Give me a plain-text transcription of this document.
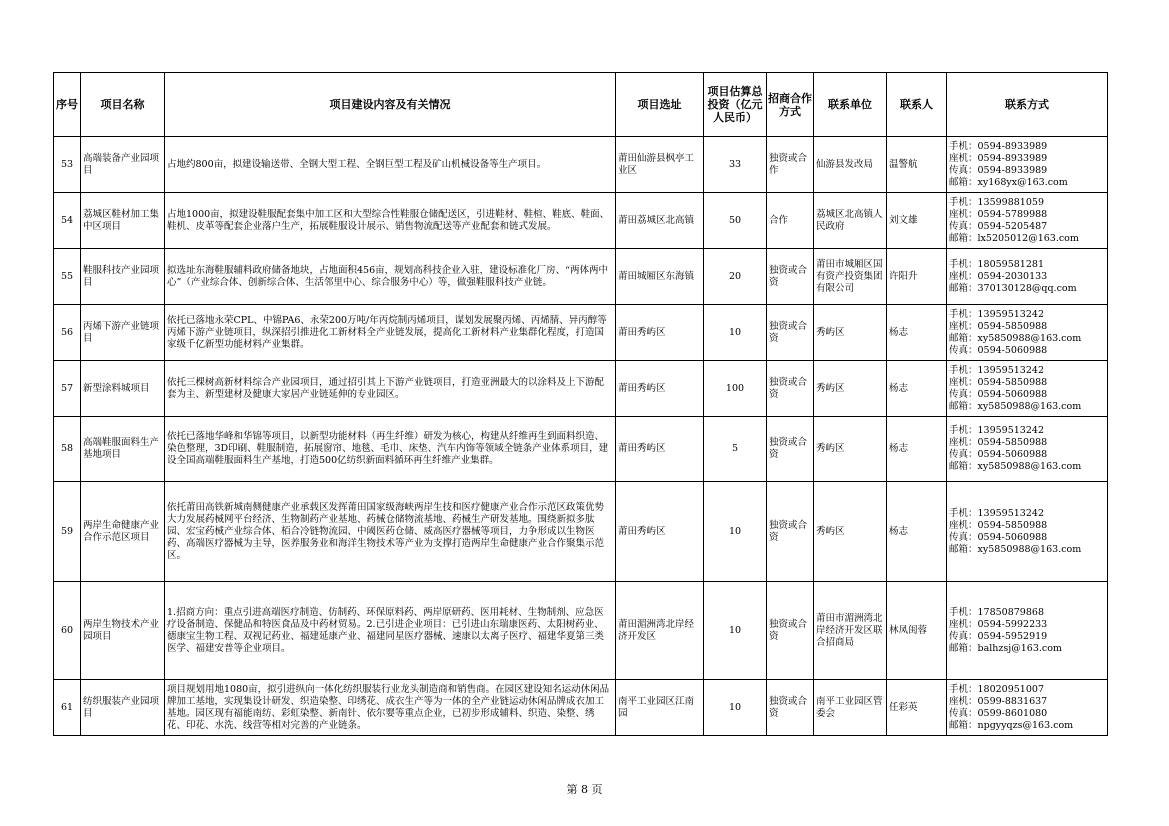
序号	项目名称	项目建设内容及有关情况	项目选址	项目估算总投资（亿元人民币）	招商合作方式	联系单位	联系人	联系方式
53	高端装备产业园项目	占地约800亩，拟建设输送带、全钢大型工程、全钢巨型工程及矿山机械设备等生产项目。	莆田仙游县枫亭工业区	33	独资或合作	仙游县发改局	温警航	手机：0594-8933989
座机：0594-8933989
传真：0594-8933989
邮箱：xy168yx@163.com

54	荔城区鞋材加工集中区项目	占地1000亩，拟建设鞋服配套集中加工区和大型综合性鞋服仓储配送区，引进鞋材、鞋楦、鞋底、鞋面、鞋机、皮革等配套企业落户生产，拓展鞋服设计展示、销售物流配送等产业配套和链式发展。	莆田荔城区北高镇	50	合作	荔城区北高镇人民政府	刘文雄	手机：13599881059
座机：0594-5789988
传真：0594-5205487
邮箱：lx5205012@163.com

55	鞋服科技产业园项目	拟选址东海鞋服辅料政府储备地块，占地面积456亩，规划高科技企业入驻，建设标准化厂房、“两体两中心”（产业综合体、创新综合体、生活邻里中心、综合服务中心）等，做强鞋服科技产业链。	莆田城厢区东海镇	20	独资或合资	莆田市城厢区国有资产投资集团有限公司	许阳升	手机：18059581281
座机：0594-2030133
邮箱：370130128@qq.com

56	丙烯下游产业链项目	依托已落地永荣CPL、中锦PA6、永荣200万吨/年丙烷制丙烯项目，谋划发展聚丙烯、丙烯腈、异丙醇等丙烯下游产业链项目，纵深招引推进化工新材料全产业链发展，提高化工新材料产业集群化程度，打造国家级千亿新型功能材料产业集群。	莆田秀屿区	10	独资或合资	秀屿区	杨志	手机：13959513242
座机：0594-5850988
邮箱：xy5850988@163.com
传真：0594-5060988

57	新型涂料城项目	依托三棵树高新材料综合产业园项目，通过招引其上下游产业链项目，打造亚洲最大的以涂料及上下游配套为主、新型建材及健康大家居产业链延伸的专业园区。	莆田秀屿区	100	独资或合资	秀屿区	杨志	手机：13959513242
座机：0594-5850988
传真：0594-5060988
邮箱：xy5850988@163.com

58	高端鞋服面料生产基地项目	依托已落地华峰和华锦等项目，以新型功能材料（再生纤维）研发为核心，构建从纤维再生到面料织造、染色整理，3D印刷、鞋服制造，拓展窗帘、地毯、毛巾、床垫、汽车内饰等领域全链条产业体系项目，建设全国高端鞋服面料生产基地，打造500亿纺织新面料循环再生纤维产业集群。	莆田秀屿区	5	独资或合资	秀屿区	杨志	手机：13959513242
座机：0594-5850988
传真：0594-5060988
邮箱：xy5850988@163.com

59	两岸生命健康产业合作示范区项目	依托莆田高铁新城南侧健康产业承载区发挥莆田国家级海峡两岸生技和医疗健康产业合作示范区政策优势大力发展药械网平台经济、生物制药产业基地、药械仓储物流基地、药械生产研发基地。围绕新拟多肽园、宏宝药械产业综合体、栢合冷链物流园、中阈医药仓储、威高医疗器械等项目，力争形成以生物医药、高端医疗器械为主导，医养服务业和海洋生物技术等产业为支撑打造两岸生命健康产业合作聚集示范区。	莆田秀屿区	10	独资或合资	秀屿区	杨志	手机：13959513242
座机：0594-5850988
传真：0594-5060988
邮箱：xy5850988@163.com

60	两岸生物技术产业园项目	1.招商方向：重点引进高端医疗制造、仿制药、环保原料药、两岸原研药、医用耗材、生物制剂、应急医疗设备制造、保健品和特医食品及中药材贸易。2.已引进企业项目：已引进山东瑞康医药、太阳树药业、德康宝生物工程、双视记药业、福建延康产业、福建同星医疗器械、速康以太离子医疗、福建华夏第三类医学、福建安普等企业项目。	莆田湄洲湾北岸经济开发区	10	独资或合资	莆田市湄洲湾北岸经济开发区联合招商局	林凤闺蓉	手机：17850879868
座机：0594-5992233
传真：0594-5952919
邮箱：balhzsj@163.com

61	纺织服装产业园项目	项目规划用地1080亩，拟引进纵向一体化纺织服装行业龙头制造商和销售商。在园区建设知名运动休闲品牌加工基地，实现集设计研发、织造染整、印绣花、成衣生产等为一体的全产业链运动休闲品牌成衣加工基地。园区现有福能南纺、彩虹染整、新南针、依尔婴等重点企业，已初步形成辅料、织造、染整、绣花、印花、水洗、线营等相对完善的产业链条。	南平工业园区江南园	10	独资或合资	南平工业园区管委会	任彩英	手机：18020951007
座机：0599-8831637
传真：0599-8601080
邮箱：npgyyqzs@163.com
第 8 页
